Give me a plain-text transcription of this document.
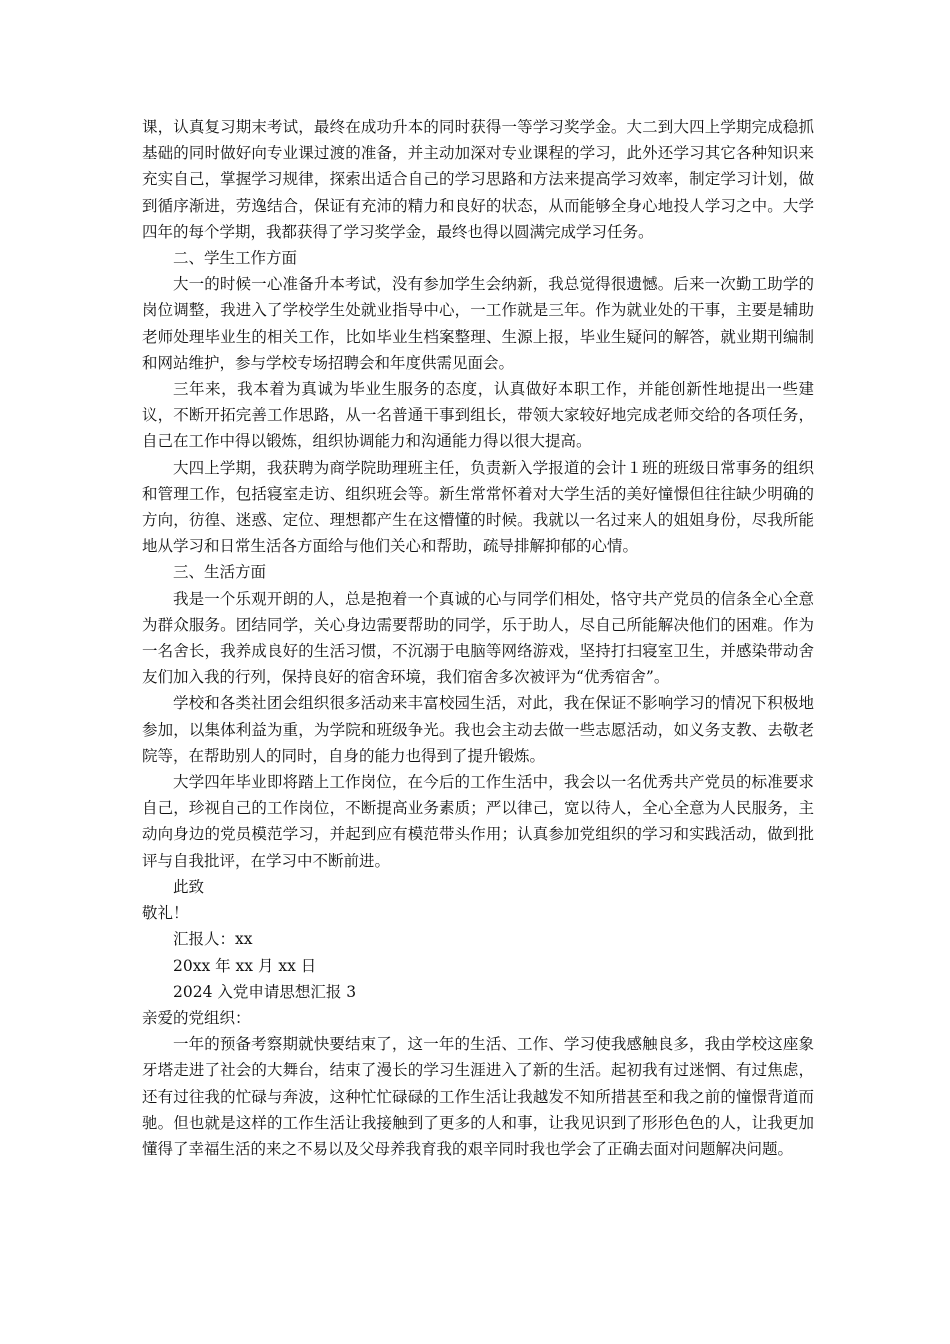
课，认真复习期末考试，最终在成功升本的同时获得一等学习奖学金。大二到大四上学期完成稳抓基础的同时做好向专业课过渡的准备，并主动加深对专业课程的学习，此外还学习其它各种知识来充实自己，掌握学习规律，探索出适合自己的学习思路和方法来提高学习效率，制定学习计划，做到循序渐进，劳逸结合，保证有充沛的精力和良好的状态，从而能够全身心地投人学习之中。大学四年的每个学期，我都获得了学习奖学金，最终也得以圆满完成学习任务。

二、学生工作方面

大一的时候一心准备升本考试，没有参加学生会纳新，我总觉得很遗憾。后来一次勤工助学的岗位调整，我进入了学校学生处就业指导中心，一工作就是三年。作为就业处的干事，主要是辅助老师处理毕业生的相关工作，比如毕业生档案整理、生源上报，毕业生疑问的解答，就业期刊编制和网站维护，参与学校专场招聘会和年度供需见面会。

三年来，我本着为真诚为毕业生服务的态度，认真做好本职工作，并能创新性地提出一些建议，不断开拓完善工作思路，从一名普通干事到组长，带领大家较好地完成老师交给的各项任务，自己在工作中得以锻炼，组织协调能力和沟通能力得以很大提高。

大四上学期，我获聘为商学院助理班主任，负责新入学报道的会计１班的班级日常事务的组织和管理工作，包括寝室走访、组织班会等。新生常常怀着对大学生活的美好憧憬但往往缺少明确的方向，彷徨、迷惑、定位、理想都产生在这懵懂的时候。我就以一名过来人的姐姐身份，尽我所能地从学习和日常生活各方面给与他们关心和帮助，疏导排解抑郁的心情。

三、生活方面

我是一个乐观开朗的人，总是抱着一个真诚的心与同学们相处，恪守共产党员的信条全心全意为群众服务。团结同学，关心身边需要帮助的同学，乐于助人，尽自己所能解决他们的困难。作为一名舍长，我养成良好的生活习惯，不沉溺于电脑等网络游戏，坚持打扫寝室卫生，并感染带动舍友们加入我的行列，保持良好的宿舍环境，我们宿舍多次被评为“优秀宿舍”。

学校和各类社团会组织很多活动来丰富校园生活，对此，我在保证不影响学习的情况下积极地参加，以集体利益为重，为学院和班级争光。我也会主动去做一些志愿活动，如义务支教、去敬老院等，在帮助别人的同时，自身的能力也得到了提升锻炼。

大学四年毕业即将踏上工作岗位，在今后的工作生活中，我会以一名优秀共产党员的标准要求自己，珍视自己的工作岗位，不断提高业务素质；严以律己，宽以待人，全心全意为人民服务，主动向身边的党员模范学习，并起到应有模范带头作用；认真参加党组织的学习和实践活动，做到批评与自我批评，在学习中不断前进。

此致

敬礼！

汇报人：xx

20xx 年 xx 月 xx 日

2024 入党申请思想汇报 3

亲爱的党组织：

一年的预备考察期就快要结束了，这一年的生活、工作、学习使我感触良多，我由学校这座象牙塔走进了社会的大舞台，结束了漫长的学习生涯进入了新的生活。起初我有过迷惘、有过焦虑，还有过往我的忙碌与奔波，这种忙忙碌碌的工作生活让我越发不知所措甚至和我之前的憧憬背道而驰。但也就是这样的工作生活让我接触到了更多的人和事，让我见识到了形形色色的人，让我更加懂得了幸福生活的来之不易以及父母养我育我的艰辛同时我也学会了正确去面对问题解决问题。
